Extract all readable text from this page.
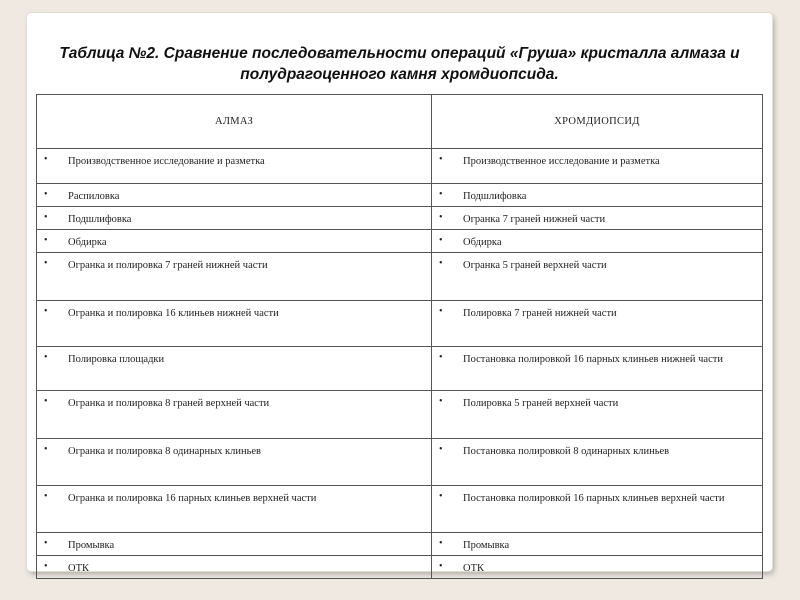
Таблица №2. Сравнение последовательности операций «Груша» кристалла алмаза и
полудрагоценного камня хромдиопсида.
АЛМАЗ	ХРОМДИОПСИД

• Производственное исследование и разметка	• Производственное исследование и разметка

• Распиловка	• Подшлифовка

• Подшлифовка	• Огранка 7 граней нижней части

• Обдирка	• Обдирка

• Огранка и полировка 7 граней нижней части	• Огранка 5 граней верхней части

• Огранка и полировка 16 клиньев нижней части	• Полировка 7 граней нижней части

• Полировка площадки	• Постановка полировкой 16 парных клиньев нижней части

• Огранка и полировка 8 граней верхней части	• Полировка 5 граней верхней части

• Огранка и полировка 8 одинарных клиньев	• Постановка полировкой 8 одинарных клиньев

• Огранка и полировка 16 парных клиньев верхней части	• Постановка полировкой 16 парных клиньев верхней части

• Промывка	• Промывка

• ОТК	• ОТК
